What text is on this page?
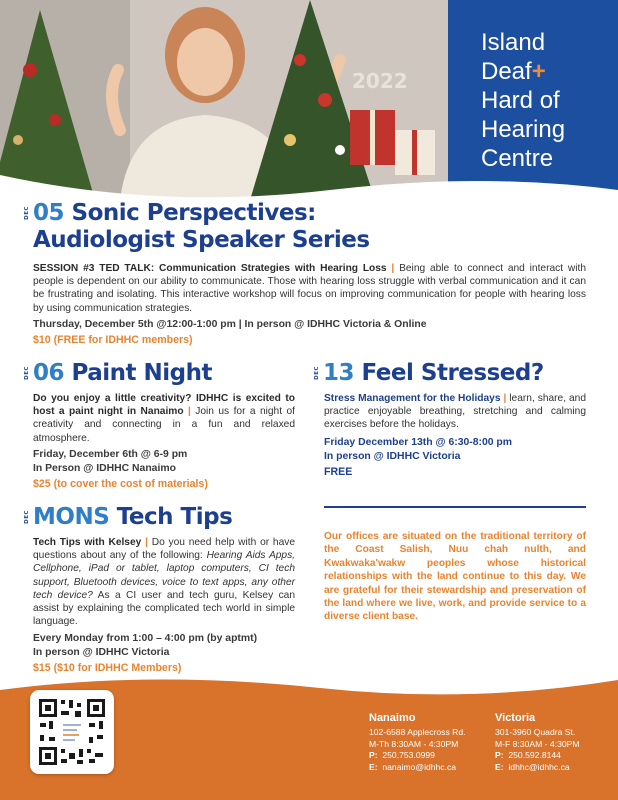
2022
Island
Deaf+
Hard of
Hearing
Centre
DEC 05 Sonic Perspectives:
Audiologist Speaker Series
SESSION #3 TED TALK: Communication Strategies with Hearing Loss | Being able to connect and interact with people is dependent on our ability to communicate. Those with hearing loss struggle with verbal communication and it can be frustrating and isolating. This interactive workshop will focus on improving communication for people with hearing loss by using communication strategies.
Thursday, December 5th @12:00-1:00 pm | In person @ IDHHC Victoria & Online
$10 (FREE for IDHHC members)
DEC 06 Paint Night
Do you enjoy a little creativity? IDHHC is excited to host a paint night in Nanaimo | Join us for a night of creativity and connecting in a fun and relaxed atmosphere.
Friday, December 6th @ 6-9 pm
In Person @ IDHHC Nanaimo
$25 (to cover the cost of materials)
DEC 13 Feel Stressed?
Stress Management for the Holidays | learn, share, and practice enjoyable breathing, stretching and calming exercises before the holidays.
Friday December 13th @ 6:30-8:00 pm
In person @ IDHHC Victoria
FREE
DEC MONS Tech Tips
Tech Tips with Kelsey | Do you need help with or have questions about any of the following: Hearing Aids Apps, Cellphone, iPad or tablet, laptop computers, CI tech support, Bluetooth devices, voice to text apps, any other tech device? As a CI user and tech guru, Kelsey can assist by explaining the complicated tech world in simple language.
Every Monday from 1:00 – 4:00 pm (by aptmt)
In person @ IDHHC Victoria
$15 ($10 for IDHHC Members)
Our offices are situated on the traditional territory of the Coast Salish, Nuu chah nulth, and Kwakwaka'wakw peoples whose historical relationships with the land continue to this day. We are grateful for their stewardship and preservation of the land where we live, work, and provide service to a diverse client base.
Nanaimo
102-6588 Applecross Rd.
M-Th 8:30AM - 4:30PM
P: 250.753.0999
E: nanaimo@idhhc.ca
Victoria
301-3960 Quadra St.
M-F 8:30AM - 4:30PM
P: 250.592.8144
E: idhhc@idhhc.ca
